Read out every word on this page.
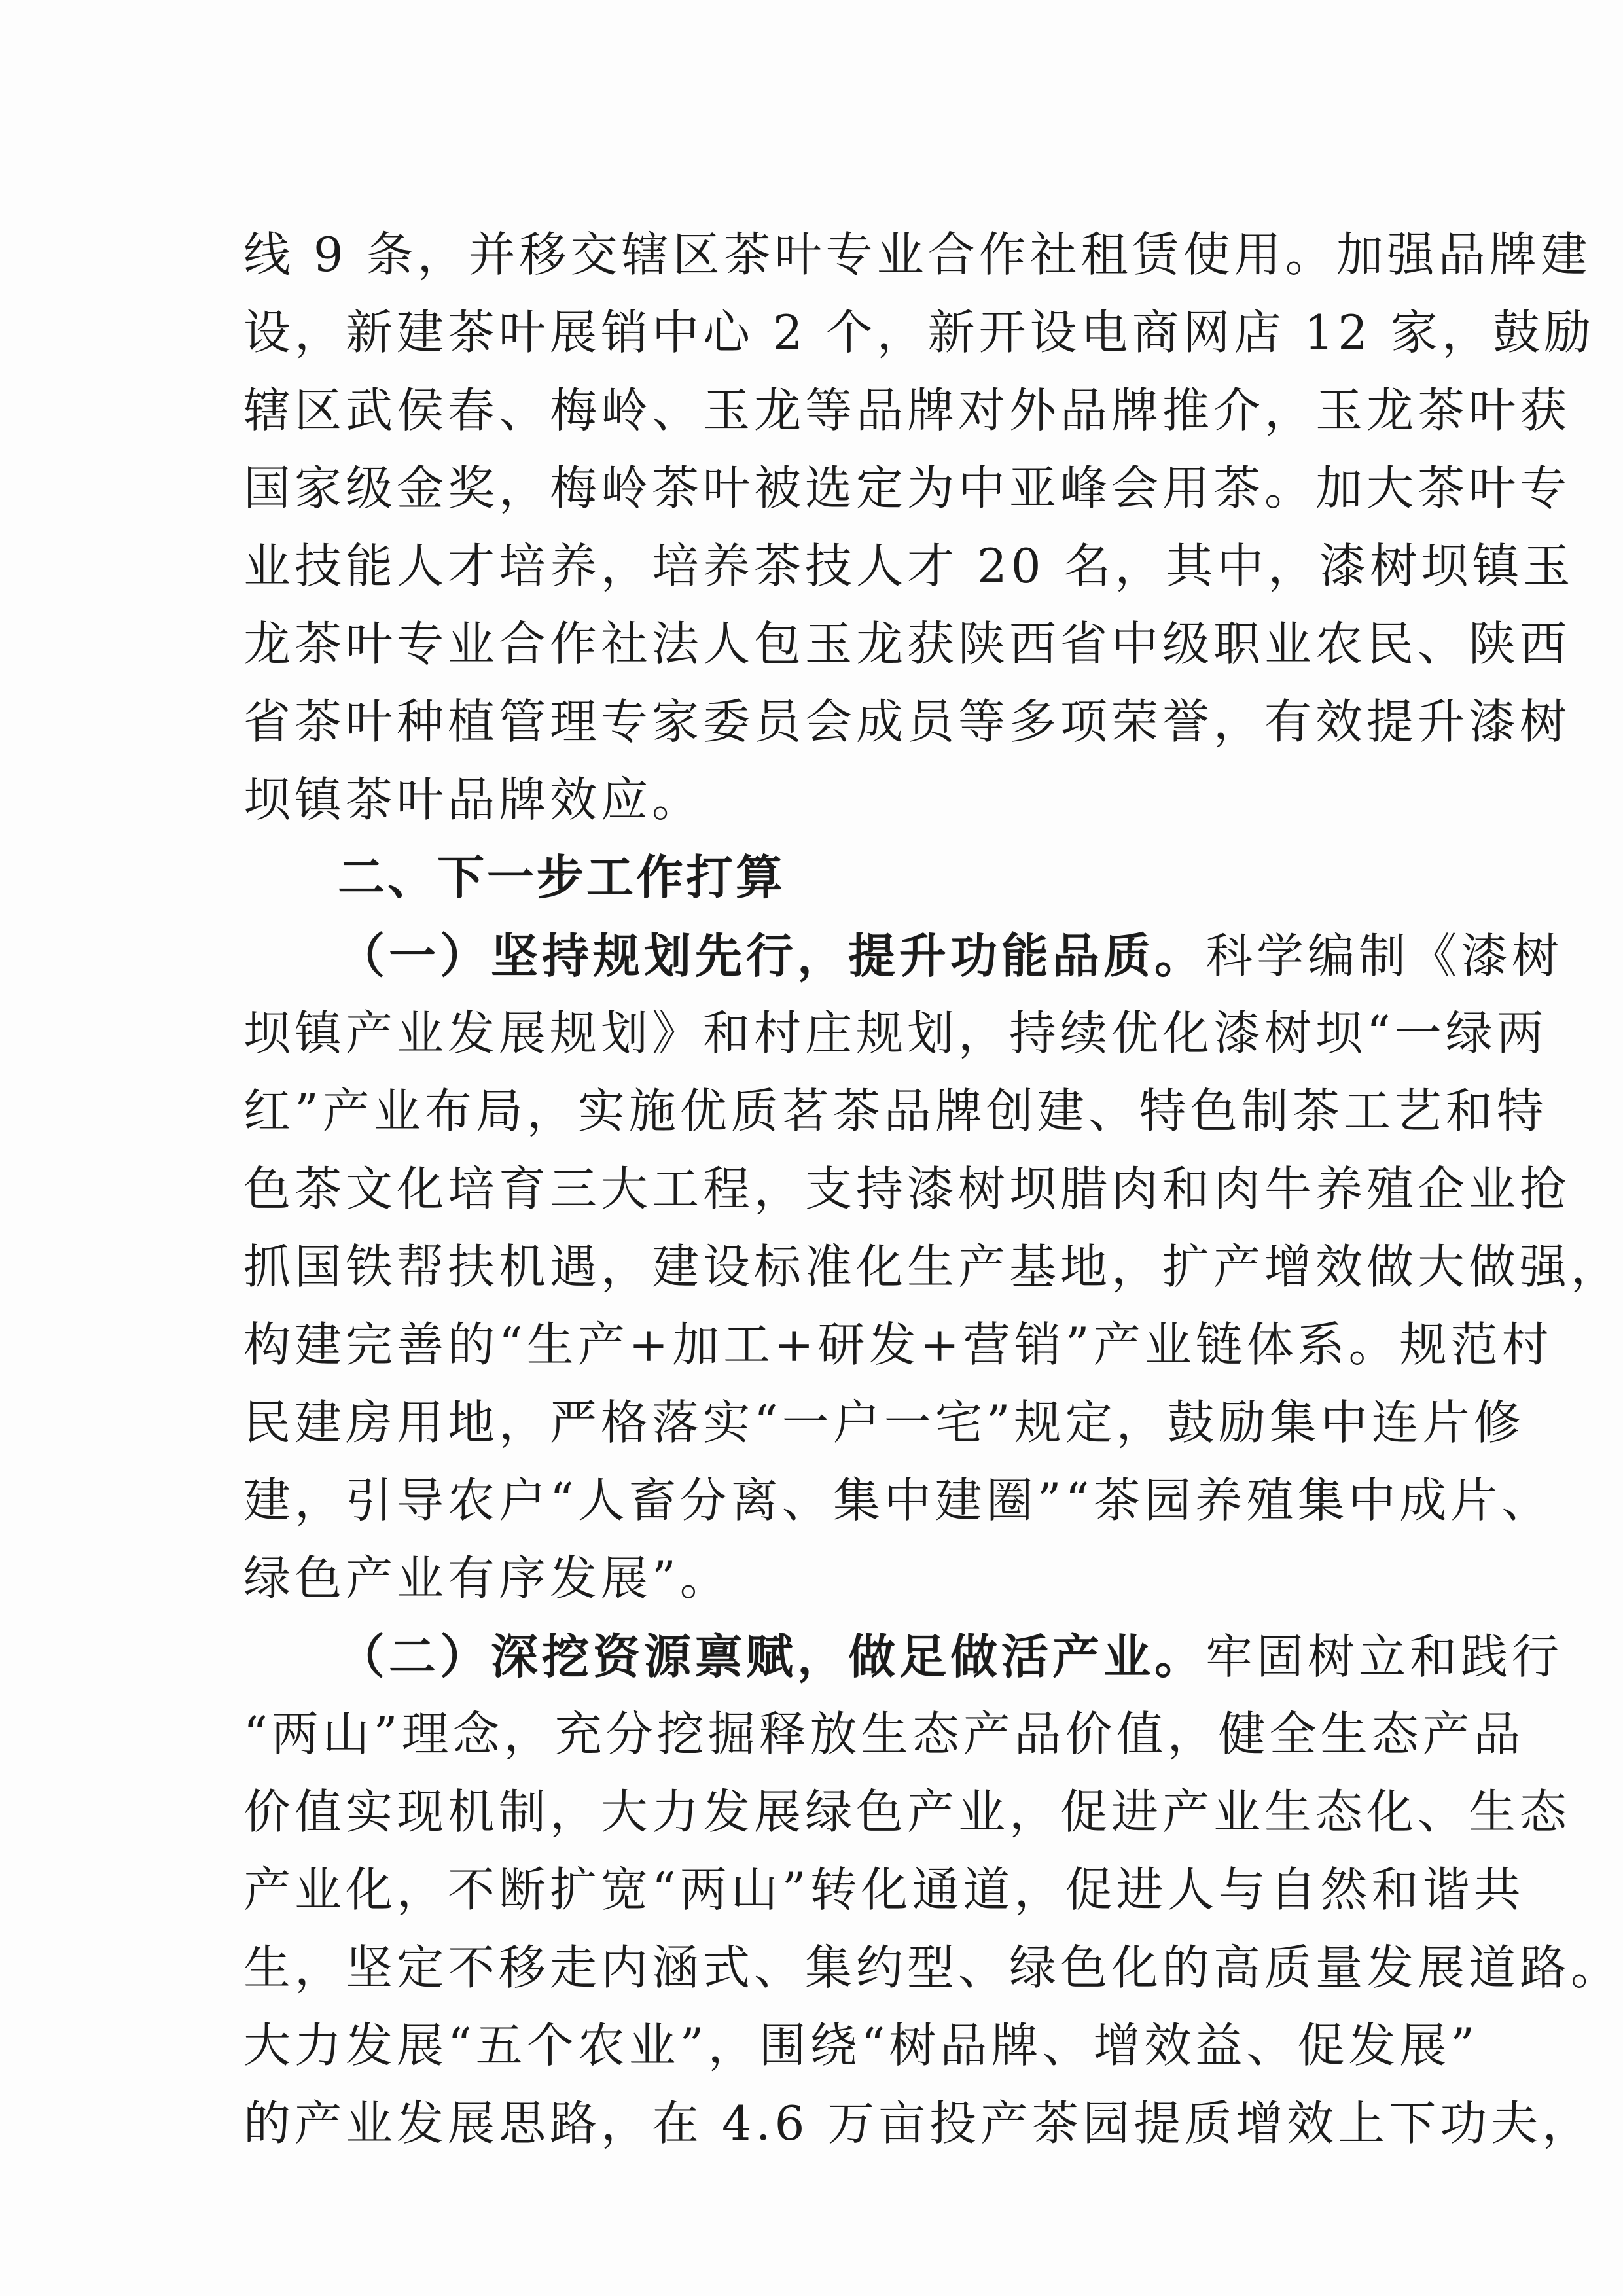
线 9 条，并移交辖区茶叶专业合作社租赁使用。加强品牌建
设，新建茶叶展销中心 2 个，新开设电商网店 12 家，鼓励
辖区武侯春、梅岭、玉龙等品牌对外品牌推介，玉龙茶叶获
国家级金奖，梅岭茶叶被选定为中亚峰会用茶。加大茶叶专
业技能人才培养，培养茶技人才 20 名，其中，漆树坝镇玉
龙茶叶专业合作社法人包玉龙获陕西省中级职业农民、陕西
省茶叶种植管理专家委员会成员等多项荣誉，有效提升漆树
坝镇茶叶品牌效应。
二、下一步工作打算
（一）坚持规划先行，提升功能品质。科学编制《漆树
坝镇产业发展规划》和村庄规划，持续优化漆树坝“一绿两
红”产业布局，实施优质茗茶品牌创建、特色制茶工艺和特
色茶文化培育三大工程，支持漆树坝腊肉和肉牛养殖企业抢
抓国铁帮扶机遇，建设标准化生产基地，扩产增效做大做强，
构建完善的“生产+加工+研发+营销”产业链体系。规范村
民建房用地，严格落实“一户一宅”规定，鼓励集中连片修
建，引导农户“人畜分离、集中建圈”“茶园养殖集中成片、
绿色产业有序发展”。
（二）深挖资源禀赋，做足做活产业。牢固树立和践行
“两山”理念，充分挖掘释放生态产品价值，健全生态产品
价值实现机制，大力发展绿色产业，促进产业生态化、生态
产业化，不断扩宽“两山”转化通道，促进人与自然和谐共
生，坚定不移走内涵式、集约型、绿色化的高质量发展道路。
大力发展“五个农业”，围绕“树品牌、增效益、促发展”
的产业发展思路，在 4.6 万亩投产茶园提质增效上下功夫，
